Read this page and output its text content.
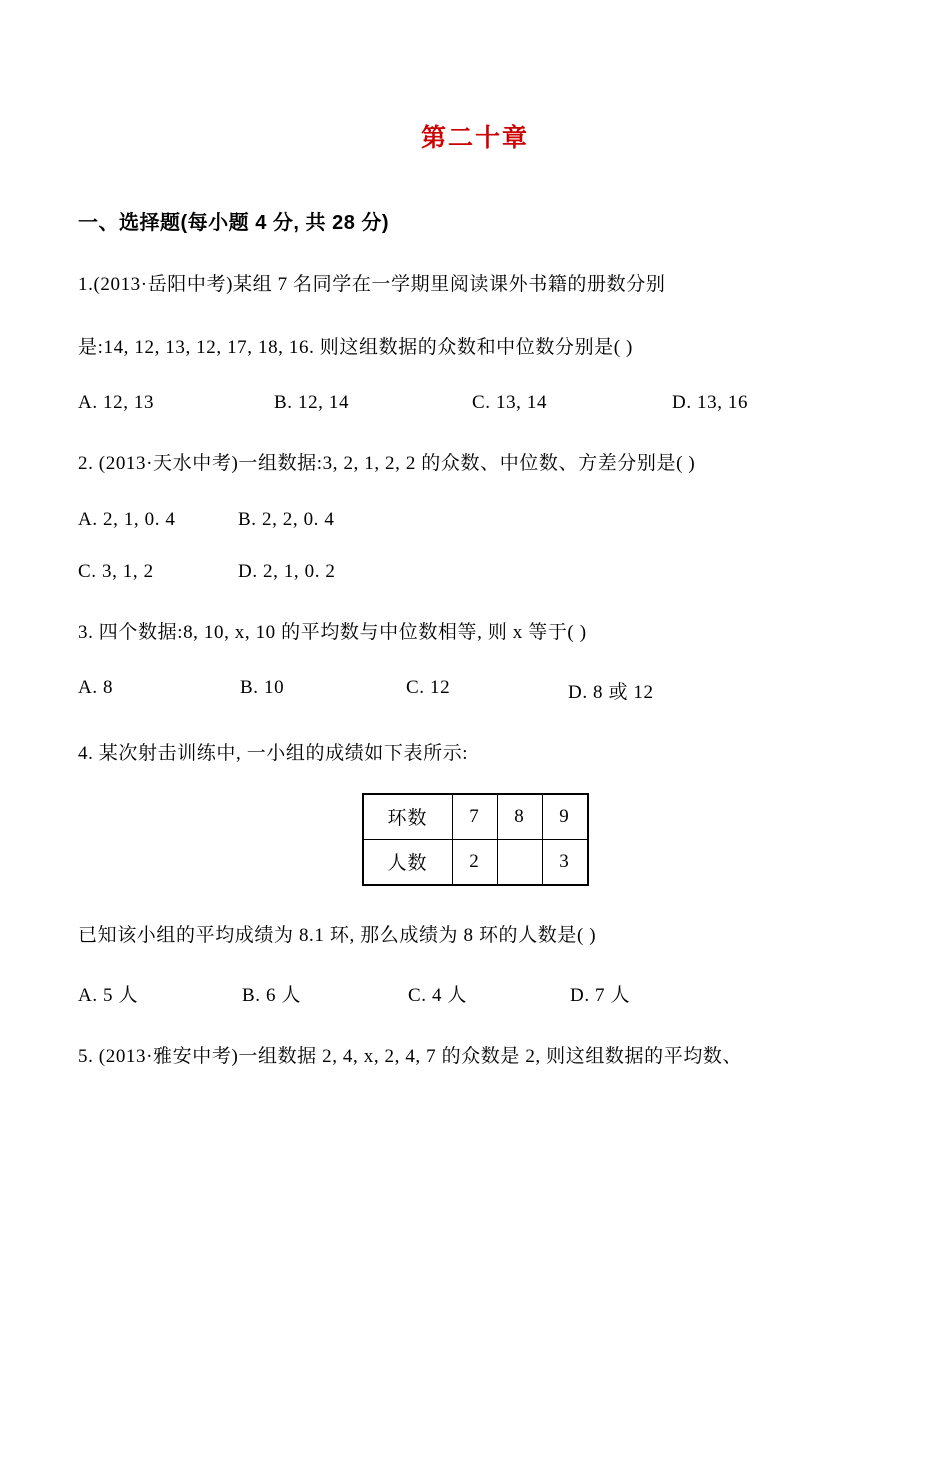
第二十章
一、选择题(每小题 4 分, 共 28 分)
1.(2013·岳阳中考)某组 7 名同学在一学期里阅读课外书籍的册数分别
是:14, 12, 13, 12, 17, 18, 16. 则这组数据的众数和中位数分别是( )
A. 12, 13	B. 12, 14	C. 13, 14	D. 13, 16
2. (2013·天水中考)一组数据:3, 2, 1, 2, 2 的众数、中位数、方差分别是( )
A. 2, 1, 0. 4	B. 2, 2, 0. 4
C. 3, 1, 2	D. 2, 1, 0. 2
3. 四个数据:8, 10, x, 10 的平均数与中位数相等, 则 x 等于( )
A. 8	B. 10	C. 12	D. 8 或 12
4. 某次射击训练中, 一小组的成绩如下表所示:
环数	7	8	9
人数	2		3
已知该小组的平均成绩为 8.1 环, 那么成绩为 8 环的人数是( )
A. 5 人	B. 6 人	C. 4 人	D. 7 人
5. (2013·雅安中考)一组数据 2, 4, x, 2, 4, 7 的众数是 2, 则这组数据的平均数、
